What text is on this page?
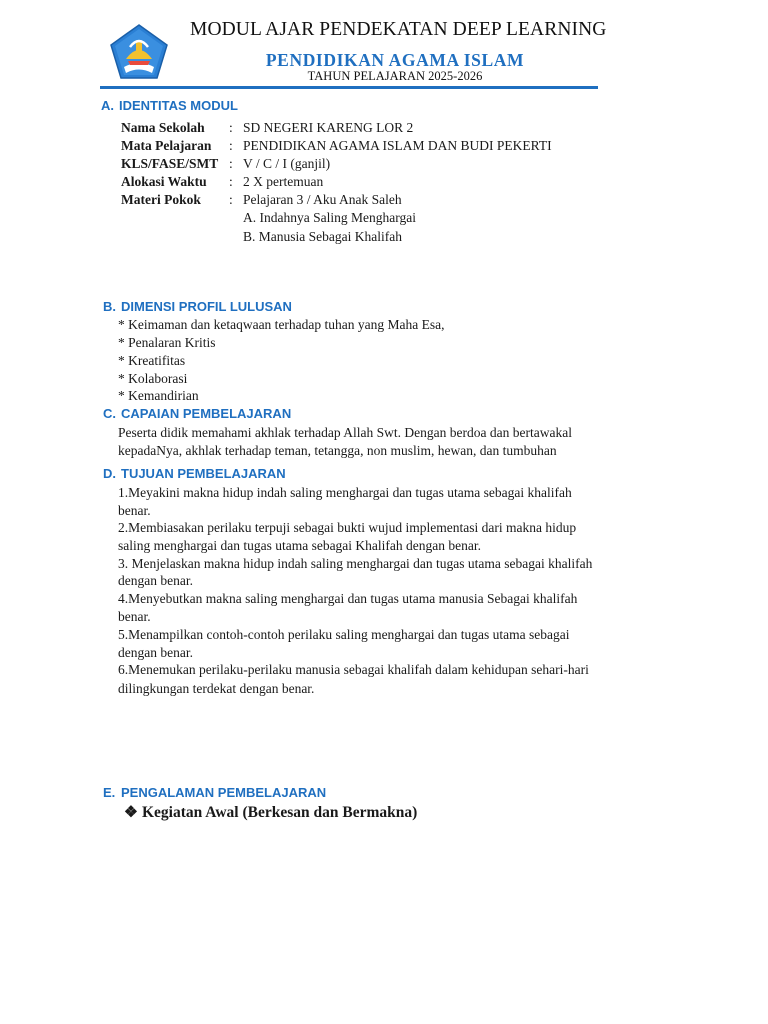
MODUL AJAR PENDEKATAN DEEP LEARNING
PENDIDIKAN AGAMA ISLAM
TAHUN PELAJARAN 2025-2026
A. IDENTITAS MODUL
Nama Sekolah : SD NEGERI KARENG LOR 2
Mata Pelajaran : PENDIDIKAN AGAMA ISLAM DAN BUDI PEKERTI
KLS/FASE/SMT : V / C / I (ganjil)
Alokasi Waktu : 2 X pertemuan
Materi Pokok : Pelajaran 3 / Aku Anak Saleh
A. Indahnya Saling Menghargai
B. Manusia Sebagai Khalifah
B. DIMENSI PROFIL LULUSAN
* Keimaman dan ketaqwaan terhadap tuhan yang Maha Esa,
* Penalaran Kritis
* Kreatifitas
* Kolaborasi
* Kemandirian
C. CAPAIAN PEMBELAJARAN
Peserta didik memahami akhlak terhadap Allah Swt. Dengan berdoa dan bertawakal
kepadaNya, akhlak terhadap teman, tetangga, non muslim, hewan, dan tumbuhan
D. TUJUAN PEMBELAJARAN
1.Meyakini makna hidup indah saling menghargai dan tugas utama sebagai khalifah
benar.
2.Membiasakan perilaku terpuji sebagai bukti wujud implementasi dari makna hidup
saling menghargai dan tugas utama sebagai Khalifah dengan benar.
3. Menjelaskan makna hidup indah saling menghargai dan tugas utama sebagai khalifah
dengan benar.
4.Menyebutkan makna saling menghargai dan tugas utama manusia Sebagai khalifah
benar.
5.Menampilkan contoh-contoh perilaku saling menghargai dan tugas utama sebagai
dengan benar.
6.Menemukan perilaku-perilaku manusia sebagai khalifah dalam kehidupan sehari-hari
dilingkungan terdekat dengan benar.
E. PENGALAMAN PEMBELAJARAN
❖ Kegiatan Awal (Berkesan dan Bermakna)
